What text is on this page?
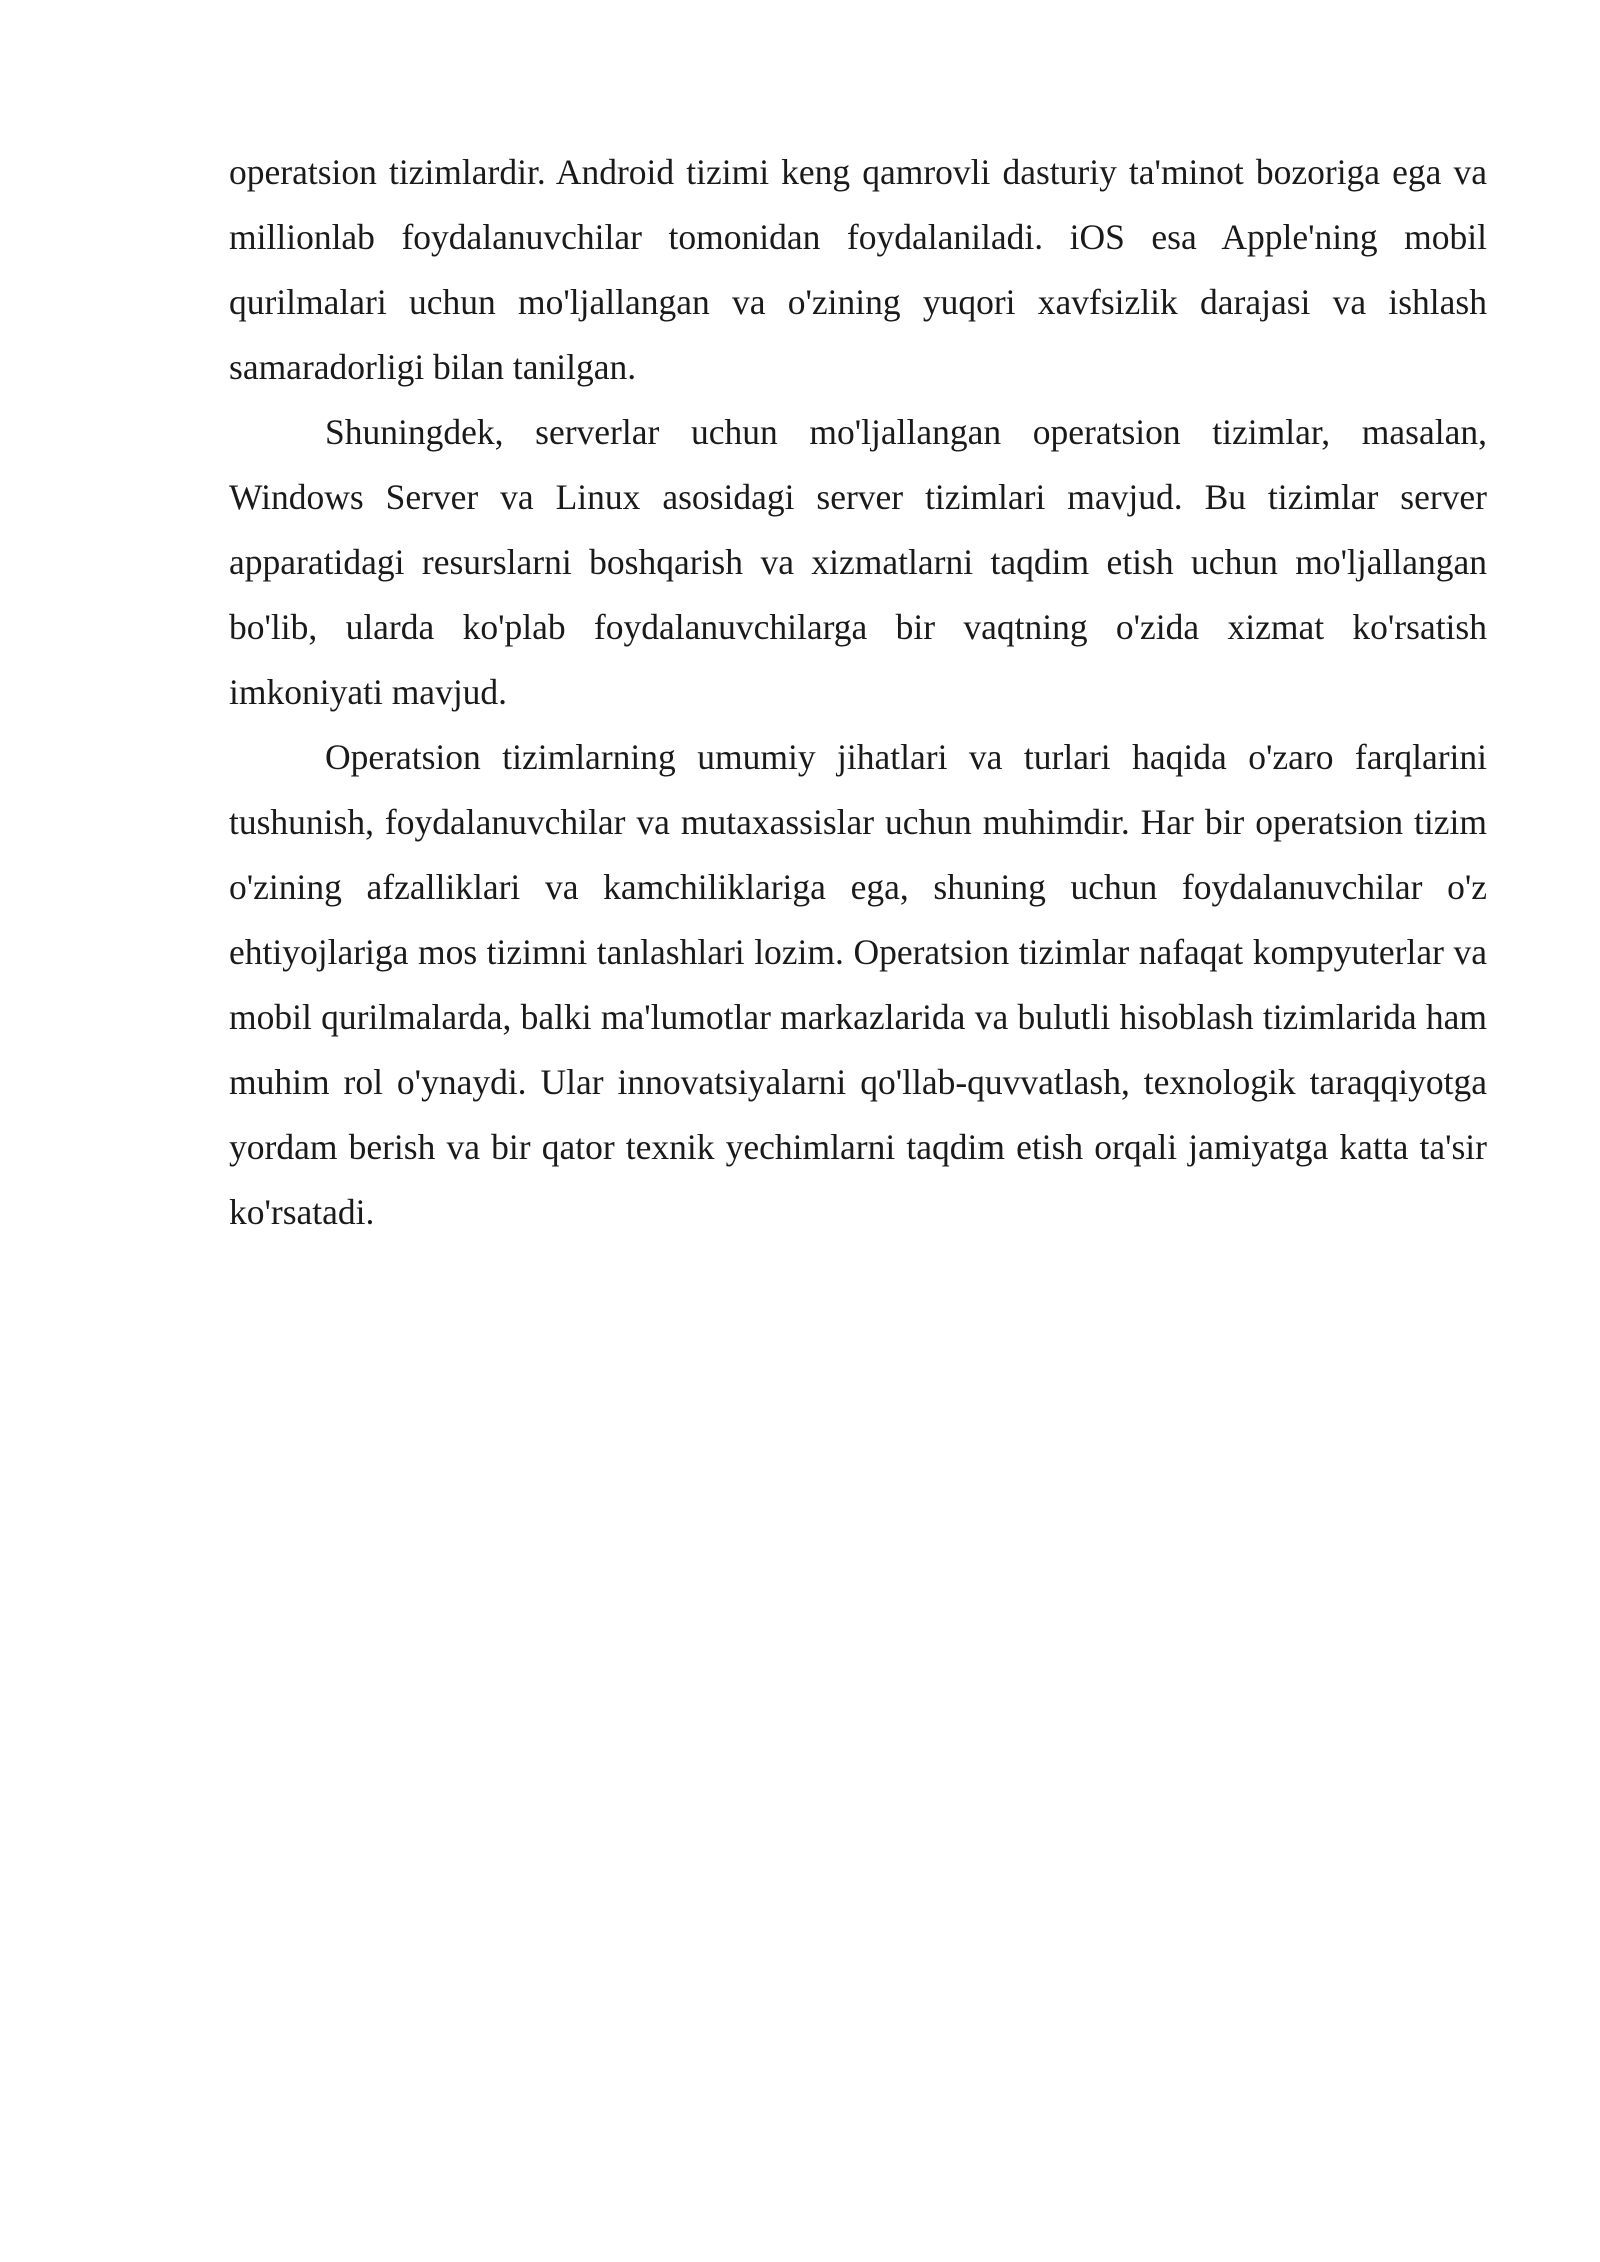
operatsion tizimlardir. Android tizimi keng qamrovli dasturiy ta'minot bozoriga ega va millionlab foydalanuvchilar tomonidan foydalaniladi. iOS esa Apple'ning mobil qurilmalari uchun mo'ljallangan va o'zining yuqori xavfsizlik darajasi va ishlash samaradorligi bilan tanilgan.

Shuningdek, serverlar uchun mo'ljallangan operatsion tizimlar, masalan, Windows Server va Linux asosidagi server tizimlari mavjud. Bu tizimlar server apparatidagi resurslarni boshqarish va xizmatlarni taqdim etish uchun mo'ljallangan bo'lib, ularda ko'plab foydalanuvchilarga bir vaqtning o'zida xizmat ko'rsatish imkoniyati mavjud.

Operatsion tizimlarning umumiy jihatlari va turlari haqida o'zaro farqlarini tushunish, foydalanuvchilar va mutaxassislar uchun muhimdir. Har bir operatsion tizim o'zining afzalliklari va kamchiliklariga ega, shuning uchun foydalanuvchilar o'z ehtiyojlariga mos tizimni tanlashlari lozim. Operatsion tizimlar nafaqat kompyuterlar va mobil qurilmalarda, balki ma'lumotlar markazlarida va bulutli hisoblash tizimlarida ham muhim rol o'ynaydi. Ular innovatsiyalarni qo'llab-quvvatlash, texnologik taraqqiyotga yordam berish va bir qator texnik yechimlarni taqdim etish orqali jamiyatga katta ta'sir ko'rsatadi.
